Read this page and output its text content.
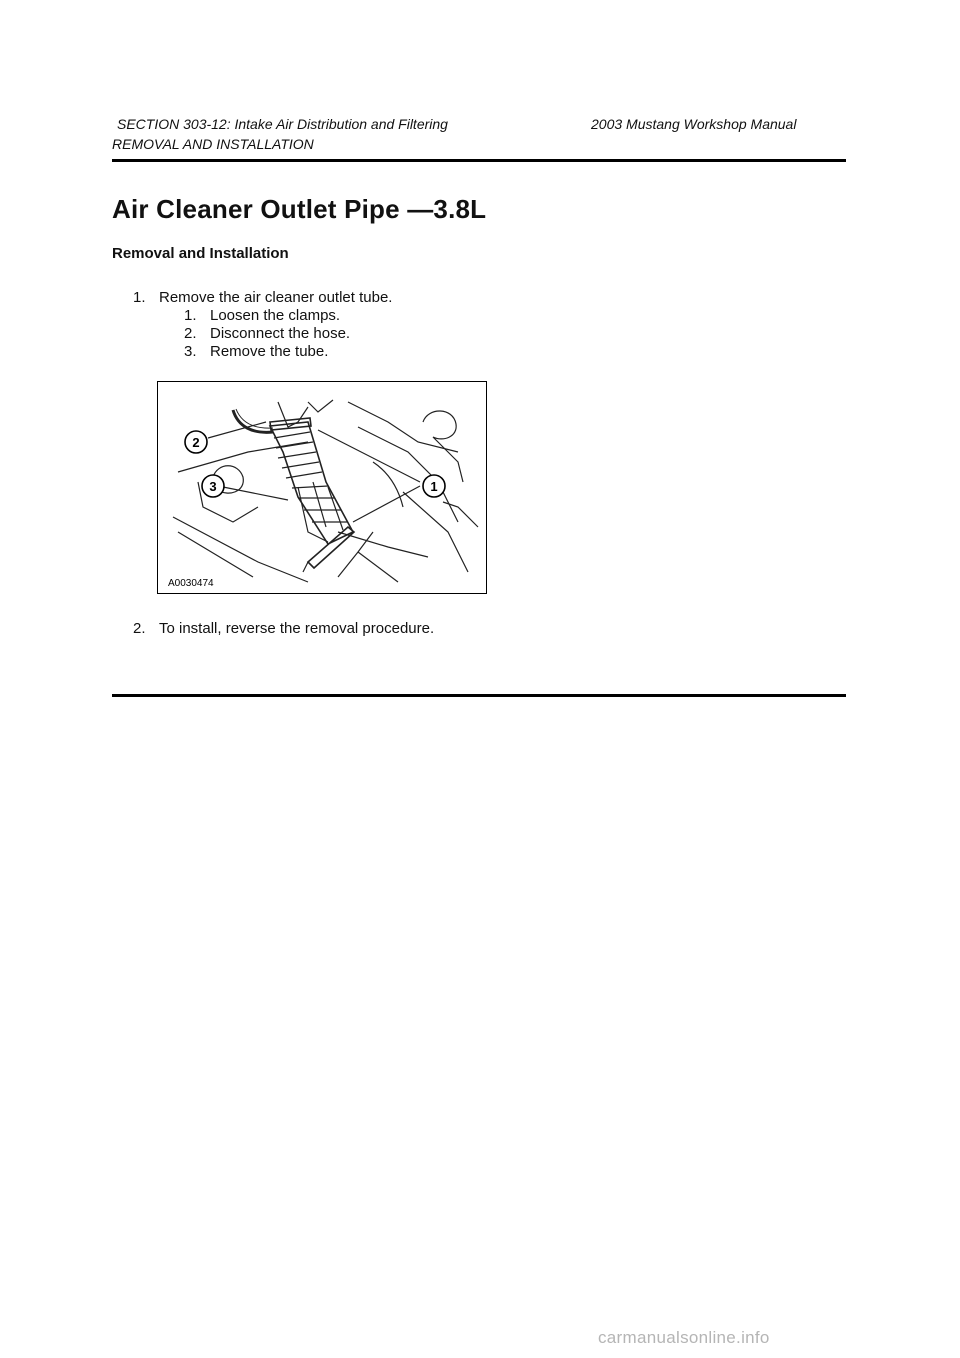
SECTION 303-12: Intake Air Distribution and Filtering	2003 Mustang Workshop Manual
REMOVAL AND INSTALLATION
Air Cleaner Outlet Pipe —3.8L
Removal and Installation
1. Remove the air cleaner outlet tube.
1. Loosen the clamps.
2. Disconnect the hose.
3. Remove the tube.
2
3	1
A0030474
2. To install, reverse the removal procedure.
carmanualsonline.info
